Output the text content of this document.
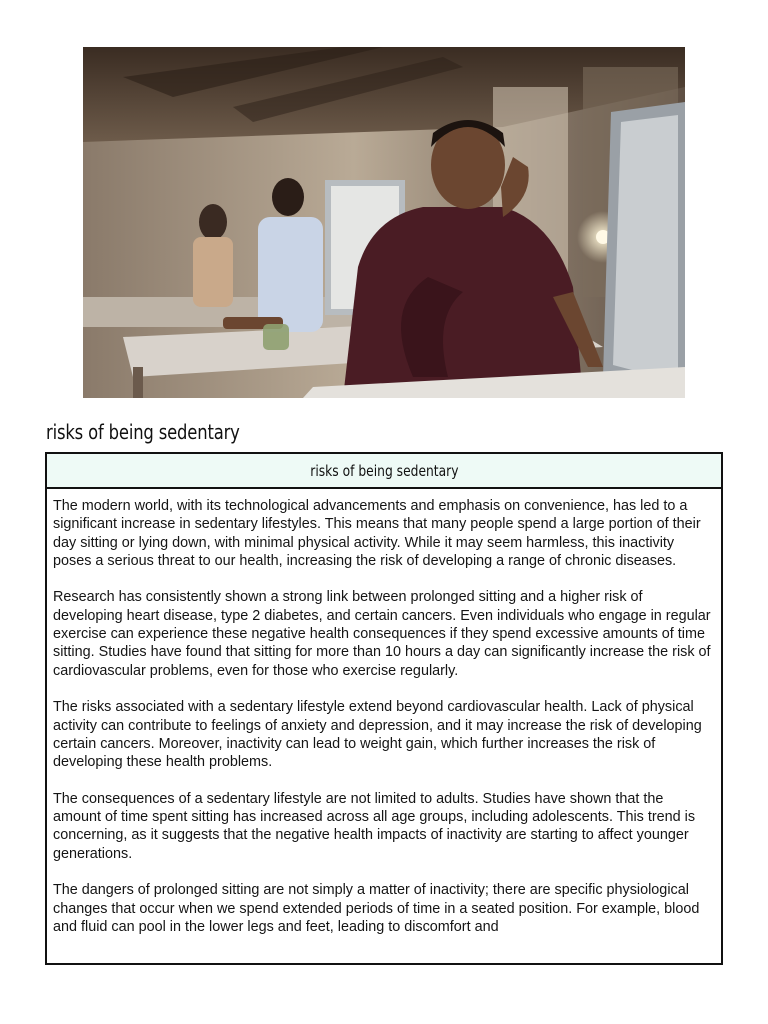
risks of being sedentary
risks of being sedentary

The modern world, with its technological advancements and emphasis on convenience, has led to a significant increase in sedentary lifestyles. This means that many people spend a large portion of their day sitting or lying down, with minimal physical activity. While it may seem harmless, this inactivity poses a serious threat to our health, increasing the risk of developing a range of chronic diseases.

Research has consistently shown a strong link between prolonged sitting and a higher risk of developing heart disease, type 2 diabetes, and certain cancers. Even individuals who engage in regular exercise can experience these negative health consequences if they spend excessive amounts of time sitting. Studies have found that sitting for more than 10 hours a day can significantly increase the risk of cardiovascular problems, even for those who exercise regularly.

The risks associated with a sedentary lifestyle extend beyond cardiovascular health. Lack of physical activity can contribute to feelings of anxiety and depression, and it may increase the risk of developing certain cancers. Moreover, inactivity can lead to weight gain, which further increases the risk of developing these health problems.

The consequences of a sedentary lifestyle are not limited to adults. Studies have shown that the amount of time spent sitting has increased across all age groups, including adolescents. This trend is concerning, as it suggests that the negative health impacts of inactivity are starting to affect younger generations.

The dangers of prolonged sitting are not simply a matter of inactivity; there are specific physiological changes that occur when we spend extended periods of time in a seated position. For example, blood and fluid can pool in the lower legs and feet, leading to discomfort and
